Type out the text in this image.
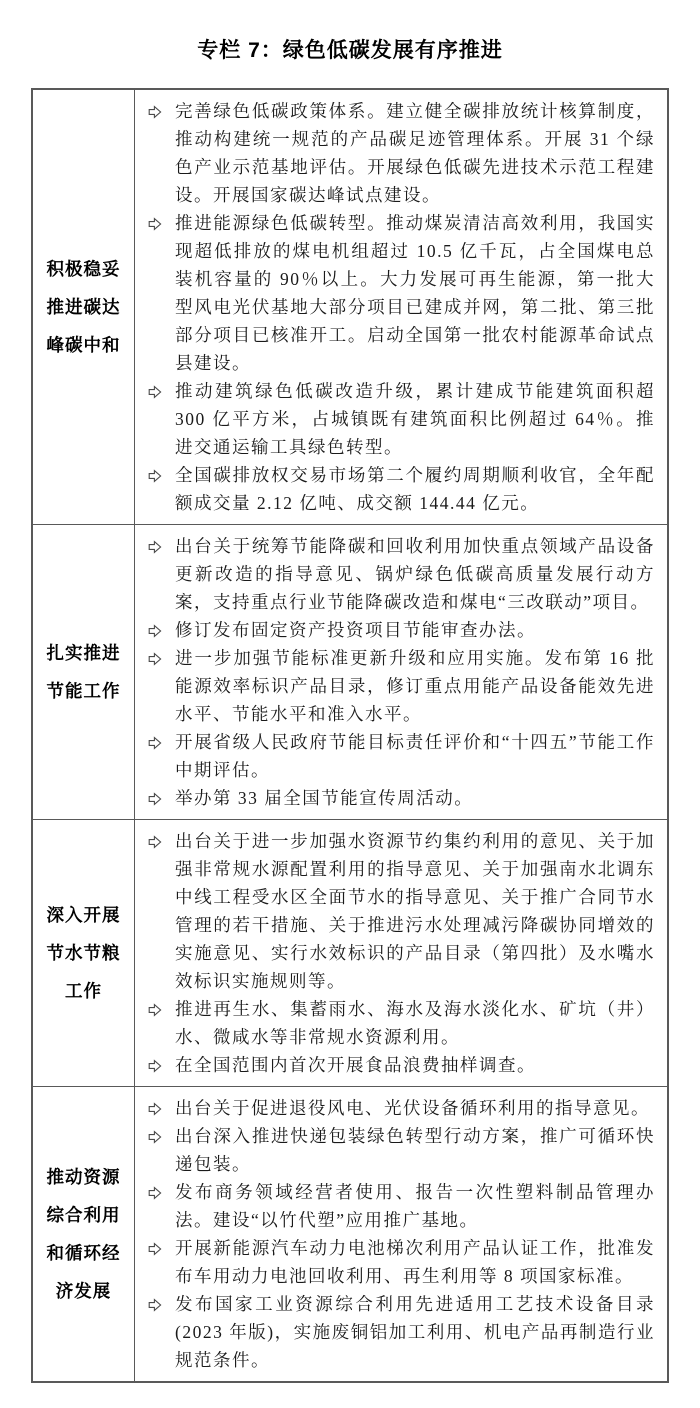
专栏 7：绿色低碳发展有序推进
积极稳妥推进碳达峰碳中和
完善绿色低碳政策体系。建立健全碳排放统计核算制度，推动构建统一规范的产品碳足迹管理体系。开展 31 个绿色产业示范基地评估。开展绿色低碳先进技术示范工程建设。开展国家碳达峰试点建设。
推进能源绿色低碳转型。推动煤炭清洁高效利用，我国实现超低排放的煤电机组超过 10.5 亿千瓦，占全国煤电总装机容量的 90％以上。大力发展可再生能源，第一批大型风电光伏基地大部分项目已建成并网，第二批、第三批部分项目已核准开工。启动全国第一批农村能源革命试点县建设。
推动建筑绿色低碳改造升级，累计建成节能建筑面积超 300 亿平方米，占城镇既有建筑面积比例超过 64％。推进交通运输工具绿色转型。
全国碳排放权交易市场第二个履约周期顺利收官，全年配额成交量 2.12 亿吨、成交额 144.44 亿元。
扎实推进节能工作
出台关于统筹节能降碳和回收利用加快重点领域产品设备更新改造的指导意见、锅炉绿色低碳高质量发展行动方案，支持重点行业节能降碳改造和煤电“三改联动”项目。
修订发布固定资产投资项目节能审查办法。
进一步加强节能标准更新升级和应用实施。发布第 16 批能源效率标识产品目录，修订重点用能产品设备能效先进水平、节能水平和准入水平。
开展省级人民政府节能目标责任评价和“十四五”节能工作中期评估。
举办第 33 届全国节能宣传周活动。
深入开展节水节粮工作
出台关于进一步加强水资源节约集约利用的意见、关于加强非常规水源配置利用的指导意见、关于加强南水北调东中线工程受水区全面节水的指导意见、关于推广合同节水管理的若干措施、关于推进污水处理减污降碳协同增效的实施意见、实行水效标识的产品目录（第四批）及水嘴水效标识实施规则等。
推进再生水、集蓄雨水、海水及海水淡化水、矿坑（井）水、微咸水等非常规水资源利用。
在全国范围内首次开展食品浪费抽样调查。
推动资源综合利用和循环经济发展
出台关于促进退役风电、光伏设备循环利用的指导意见。
出台深入推进快递包装绿色转型行动方案，推广可循环快递包装。
发布商务领域经营者使用、报告一次性塑料制品管理办法。建设“以竹代塑”应用推广基地。
开展新能源汽车动力电池梯次利用产品认证工作，批准发布车用动力电池回收利用、再生利用等 8 项国家标准。
发布国家工业资源综合利用先进适用工艺技术设备目录(2023 年版)，实施废铜铝加工利用、机电产品再制造行业规范条件。
